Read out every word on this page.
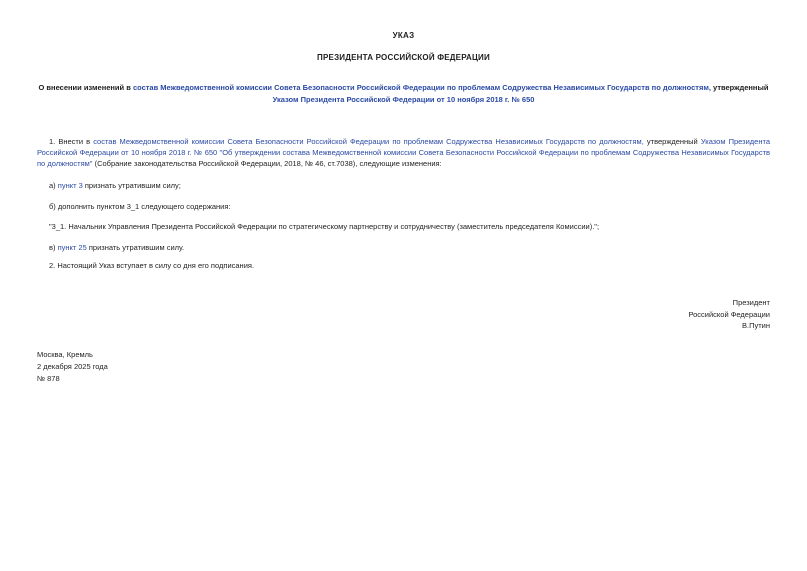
УКАЗ
ПРЕЗИДЕНТА РОССИЙСКОЙ ФЕДЕРАЦИИ
О внесении изменений в состав Межведомственной комиссии Совета Безопасности Российской Федерации по проблемам Содружества Независимых Государств по должностям, утвержденный Указом Президента Российской Федерации от 10 ноября 2018 г. № 650
1. Внести в состав Межведомственной комиссии Совета Безопасности Российской Федерации по проблемам Содружества Независимых Государств по должностям, утвержденный Указом Президента Российской Федерации от 10 ноября 2018 г. № 650 "Об утверждении состава Межведомственной комиссии Совета Безопасности Российской Федерации по проблемам Содружества Независимых Государств по должностям" (Собрание законодательства Российской Федерации, 2018, № 46, ст.7038), следующие изменения:
а) пункт 3 признать утратившим силу;
б) дополнить пунктом 3_1 следующего содержания:
"3_1. Начальник Управления Президента Российской Федерации по стратегическому партнерству и сотрудничеству (заместитель председателя Комиссии).";
в) пункт 25 признать утратившим силу.
2. Настоящий Указ вступает в силу со дня его подписания.
Президент
Российской Федерации
В.Путин
Москва, Кремль
2 декабря 2025 года
№ 878
